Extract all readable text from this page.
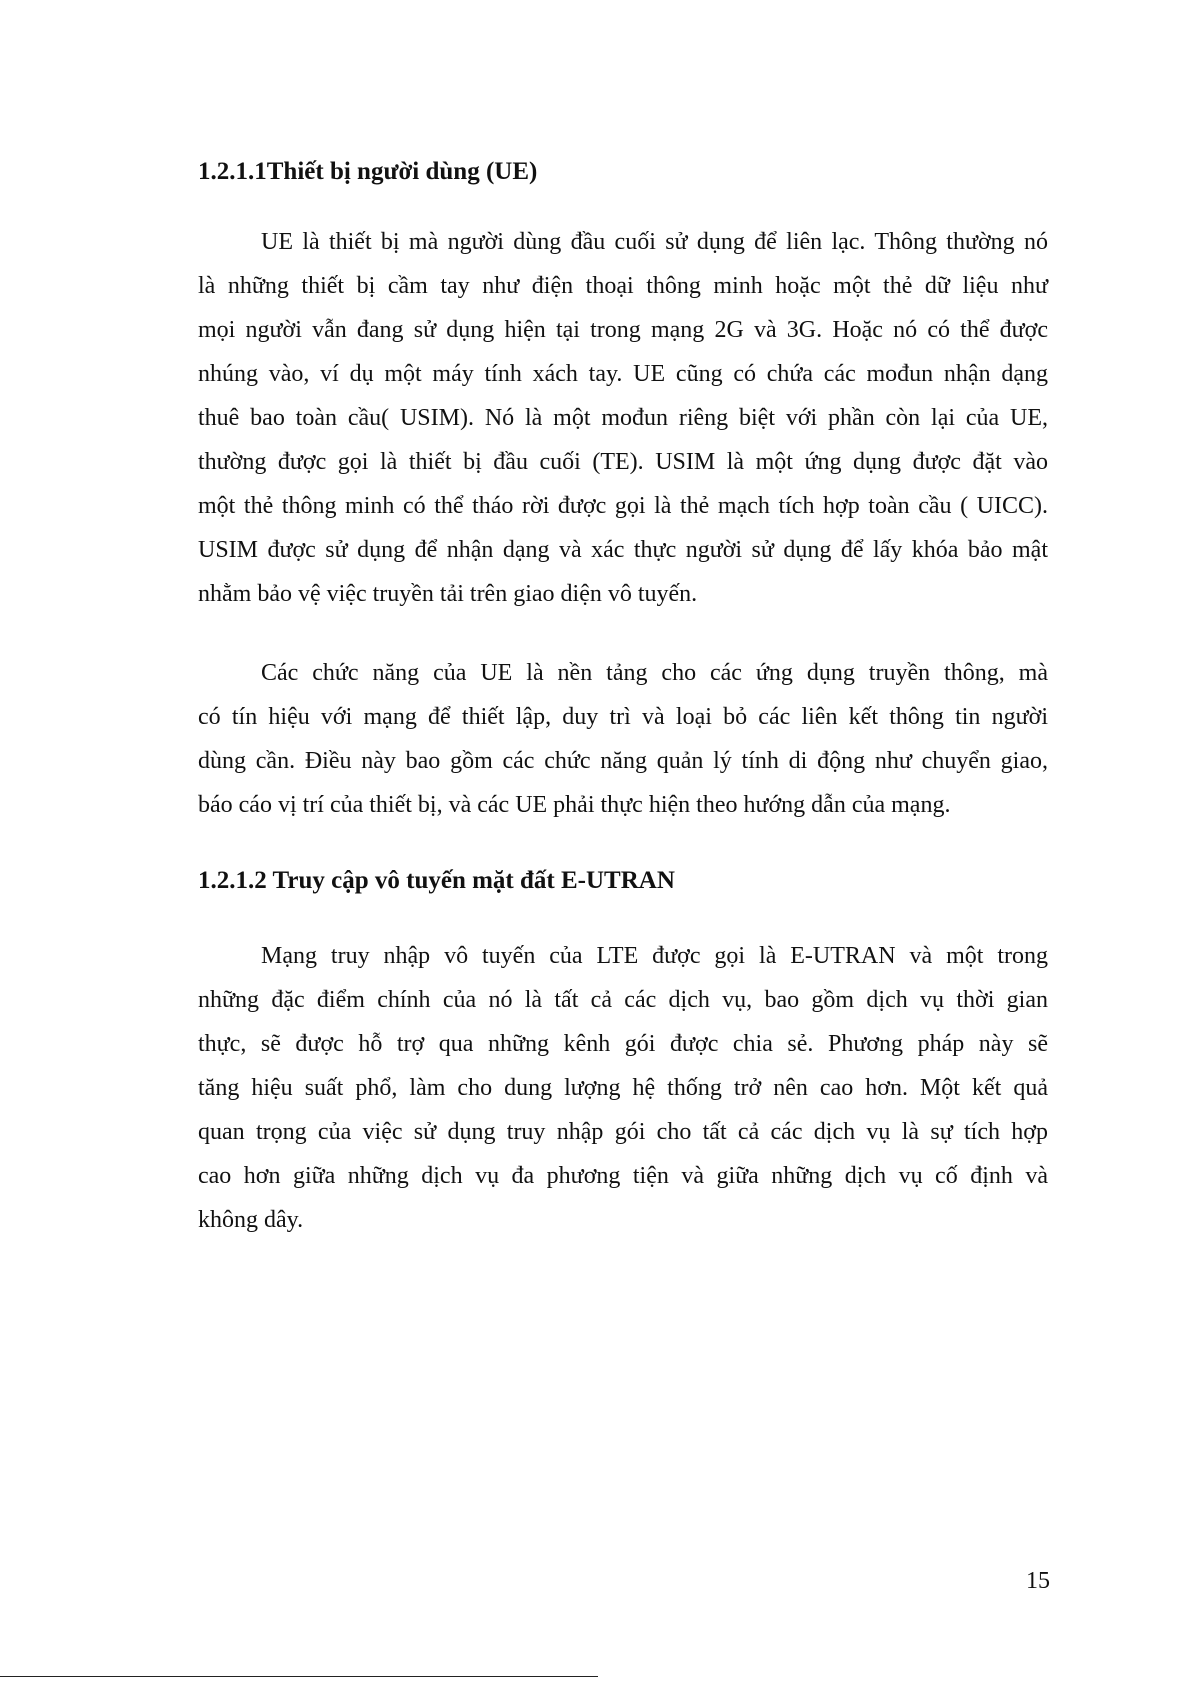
1.2.1.1Thiết bị người dùng (UE)

UE là thiết bị mà người dùng đầu cuối sử dụng để liên lạc. Thông thường nó
là những thiết bị cầm tay như điện thoại thông minh hoặc một thẻ dữ liệu như
mọi người vẫn đang sử dụng hiện tại trong mạng 2G và 3G. Hoặc nó có thể được
nhúng vào, ví dụ một máy tính xách tay. UE cũng có chứa các mođun nhận dạng
thuê bao toàn cầu( USIM). Nó là một mođun riêng biệt với phần còn lại của UE,
thường được gọi là thiết bị đầu cuối (TE). USIM là một ứng dụng được đặt vào
một thẻ thông minh có thể tháo rời được gọi là thẻ mạch tích hợp toàn cầu ( UICC).
USIM được sử dụng để nhận dạng và xác thực người sử dụng để lấy khóa bảo mật
nhằm bảo vệ việc truyền tải trên giao diện vô tuyến.

Các chức năng của UE là nền tảng cho các ứng dụng truyền thông, mà
có tín hiệu với mạng để thiết lập, duy trì và loại bỏ các liên kết thông tin người
dùng cần. Điều này bao gồm các chức năng quản lý tính di động như chuyển giao,
báo cáo vị trí của thiết bị, và các UE phải thực hiện theo hướng dẫn của mạng.

1.2.1.2 Truy cập vô tuyến mặt đất E-UTRAN

Mạng truy nhập vô tuyến của LTE được gọi là E-UTRAN và một trong
những đặc điểm chính của nó là tất cả các dịch vụ, bao gồm dịch vụ thời gian
thực, sẽ được hỗ trợ qua những kênh gói được chia sẻ. Phương pháp này sẽ
tăng hiệu suất phổ, làm cho dung lượng hệ thống trở nên cao hơn. Một kết quả
quan trọng của việc sử dụng truy nhập gói cho tất cả các dịch vụ là sự tích hợp
cao hơn giữa những dịch vụ đa phương tiện và giữa những dịch vụ cố định và
không dây.

15
